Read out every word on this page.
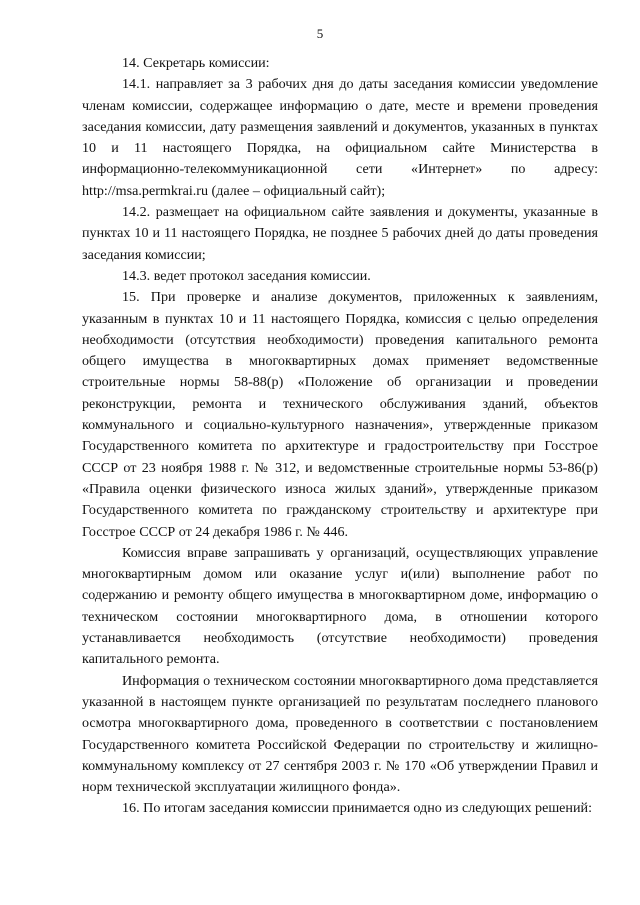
5

14. Секретарь комиссии:

14.1. направляет за 3 рабочих дня до даты заседания комиссии уведомление членам комиссии, содержащее информацию о дате, месте и времени проведения заседания комиссии, дату размещения заявлений и документов, указанных в пунктах 10 и 11 настоящего Порядка, на официальном сайте Министерства в информационно-телекоммуникационной сети «Интернет» по адресу: http://msa.permkrai.ru (далее – официальный сайт);

14.2. размещает на официальном сайте заявления и документы, указанные в пунктах 10 и 11 настоящего Порядка, не позднее 5 рабочих дней до даты проведения заседания комиссии;

14.3. ведет протокол заседания комиссии.

15. При проверке и анализе документов, приложенных к заявлениям, указанным в пунктах 10 и 11 настоящего Порядка, комиссия с целью определения необходимости (отсутствия необходимости) проведения капитального ремонта общего имущества в многоквартирных домах применяет ведомственные строительные нормы 58-88(р) «Положение об организации и проведении реконструкции, ремонта и технического обслуживания зданий, объектов коммунального и социально-культурного назначения», утвержденные приказом Государственного комитета по архитектуре и градостроительству при Госстрое СССР от 23 ноября 1988 г. № 312, и ведомственные строительные нормы 53-86(р) «Правила оценки физического износа жилых зданий», утвержденные приказом Государственного комитета по гражданскому строительству и архитектуре при Госстрое СССР от 24 декабря 1986 г. № 446.

Комиссия вправе запрашивать у организаций, осуществляющих управление многоквартирным домом или оказание услуг и(или) выполнение работ по содержанию и ремонту общего имущества в многоквартирном доме, информацию о техническом состоянии многоквартирного дома, в отношении которого устанавливается необходимость (отсутствие необходимости) проведения капитального ремонта.

Информация о техническом состоянии многоквартирного дома представляется указанной в настоящем пункте организацией по результатам последнего планового осмотра многоквартирного дома, проведенного в соответствии с постановлением Государственного комитета Российской Федерации по строительству и жилищно-коммунальному комплексу от 27 сентября 2003 г. № 170 «Об утверждении Правил и норм технической эксплуатации жилищного фонда».

16. По итогам заседания комиссии принимается одно из следующих решений:
